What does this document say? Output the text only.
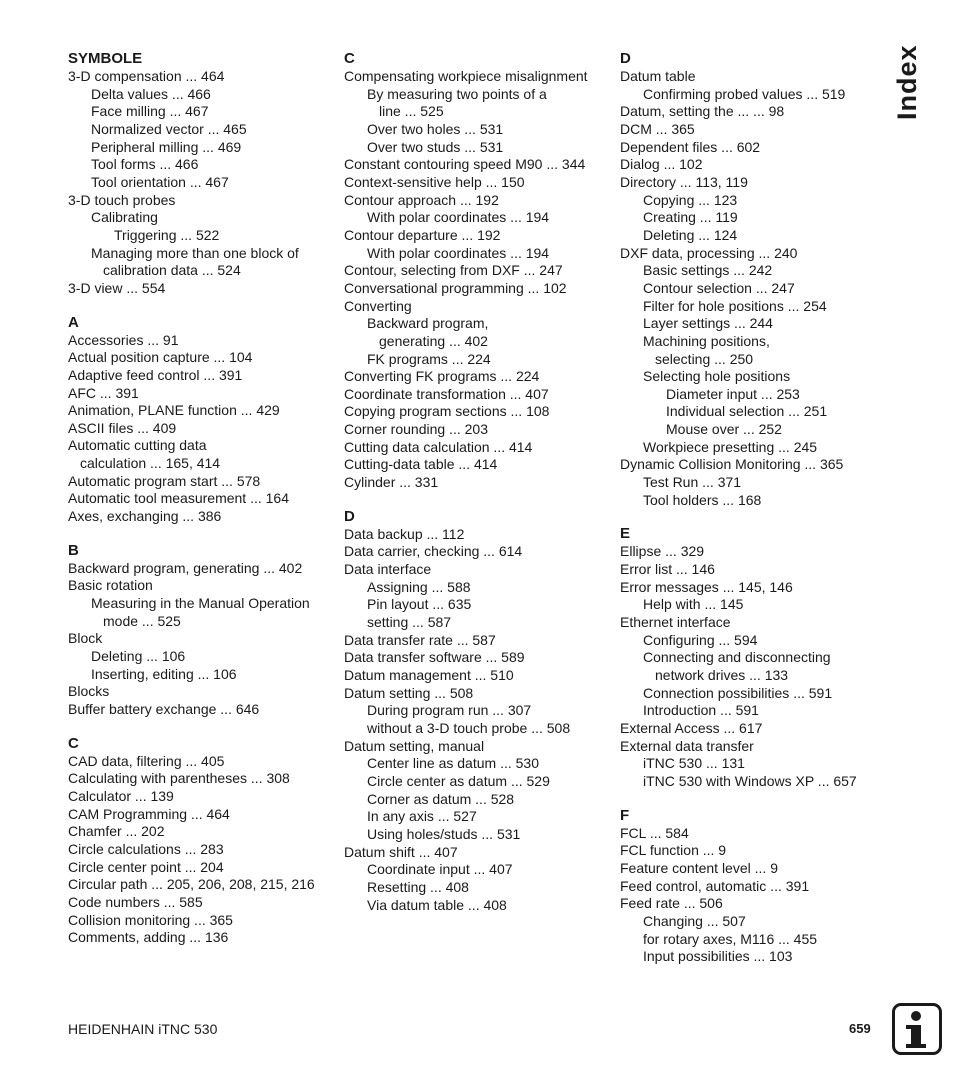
SYMBOLE
3-D compensation ... 464
Delta values ... 466
Face milling ... 467
Normalized vector ... 465
Peripheral milling ... 469
Tool forms ... 466
Tool orientation ... 467
3-D touch probes
Calibrating
Triggering ... 522
Managing more than one block of
calibration data ... 524
3-D view ... 554
A
Accessories ... 91
Actual position capture ... 104
Adaptive feed control ... 391
AFC ... 391
Animation, PLANE function ... 429
ASCII files ... 409
Automatic cutting data
calculation ... 165, 414
Automatic program start ... 578
Automatic tool measurement ... 164
Axes, exchanging ... 386
B
Backward program, generating ... 402
Basic rotation
Measuring in the Manual Operation
mode ... 525
Block
Deleting ... 106
Inserting, editing ... 106
Blocks
Buffer battery exchange ... 646
C
CAD data, filtering ... 405
Calculating with parentheses ... 308
Calculator ... 139
CAM Programming ... 464
Chamfer ... 202
Circle calculations ... 283
Circle center point ... 204
Circular path ... 205, 206, 208, 215, 216
Code numbers ... 585
Collision monitoring ... 365
Comments, adding ... 136
C
Compensating workpiece misalignment
By measuring two points of a
line ... 525
Over two holes ... 531
Over two studs ... 531
Constant contouring speed M90 ... 344
Context-sensitive help ... 150
Contour approach ... 192
With polar coordinates ... 194
Contour departure ... 192
With polar coordinates ... 194
Contour, selecting from DXF ... 247
Conversational programming ... 102
Converting
Backward program,
generating ... 402
FK programs ... 224
Converting FK programs ... 224
Coordinate transformation ... 407
Copying program sections ... 108
Corner rounding ... 203
Cutting data calculation ... 414
Cutting-data table ... 414
Cylinder ... 331
D
Data backup ... 112
Data carrier, checking ... 614
Data interface
Assigning ... 588
Pin layout ... 635
setting ... 587
Data transfer rate ... 587
Data transfer software ... 589
Datum management ... 510
Datum setting ... 508
During program run ... 307
without a 3-D touch probe ... 508
Datum setting, manual
Center line as datum ... 530
Circle center as datum ... 529
Corner as datum ... 528
In any axis ... 527
Using holes/studs ... 531
Datum shift ... 407
Coordinate input ... 407
Resetting ... 408
Via datum table ... 408
D
Datum table
Confirming probed values ... 519
Datum, setting the ... ... 98
DCM ... 365
Dependent files ... 602
Dialog ... 102
Directory ... 113, 119
Copying ... 123
Creating ... 119
Deleting ... 124
DXF data, processing ... 240
Basic settings ... 242
Contour selection ... 247
Filter for hole positions ... 254
Layer settings ... 244
Machining positions,
selecting ... 250
Selecting hole positions
Diameter input ... 253
Individual selection ... 251
Mouse over ... 252
Workpiece presetting ... 245
Dynamic Collision Monitoring ... 365
Test Run ... 371
Tool holders ... 168
E
Ellipse ... 329
Error list ... 146
Error messages ... 145, 146
Help with ... 145
Ethernet interface
Configuring ... 594
Connecting and disconnecting
network drives ... 133
Connection possibilities ... 591
Introduction ... 591
External Access ... 617
External data transfer
iTNC 530 ... 131
iTNC 530 with Windows XP ... 657
F
FCL ... 584
FCL function ... 9
Feature content level ... 9
Feed control, automatic ... 391
Feed rate ... 506
Changing ... 507
for rotary axes, M116 ... 455
Input possibilities ... 103
Index
HEIDENHAIN iTNC 530	659
